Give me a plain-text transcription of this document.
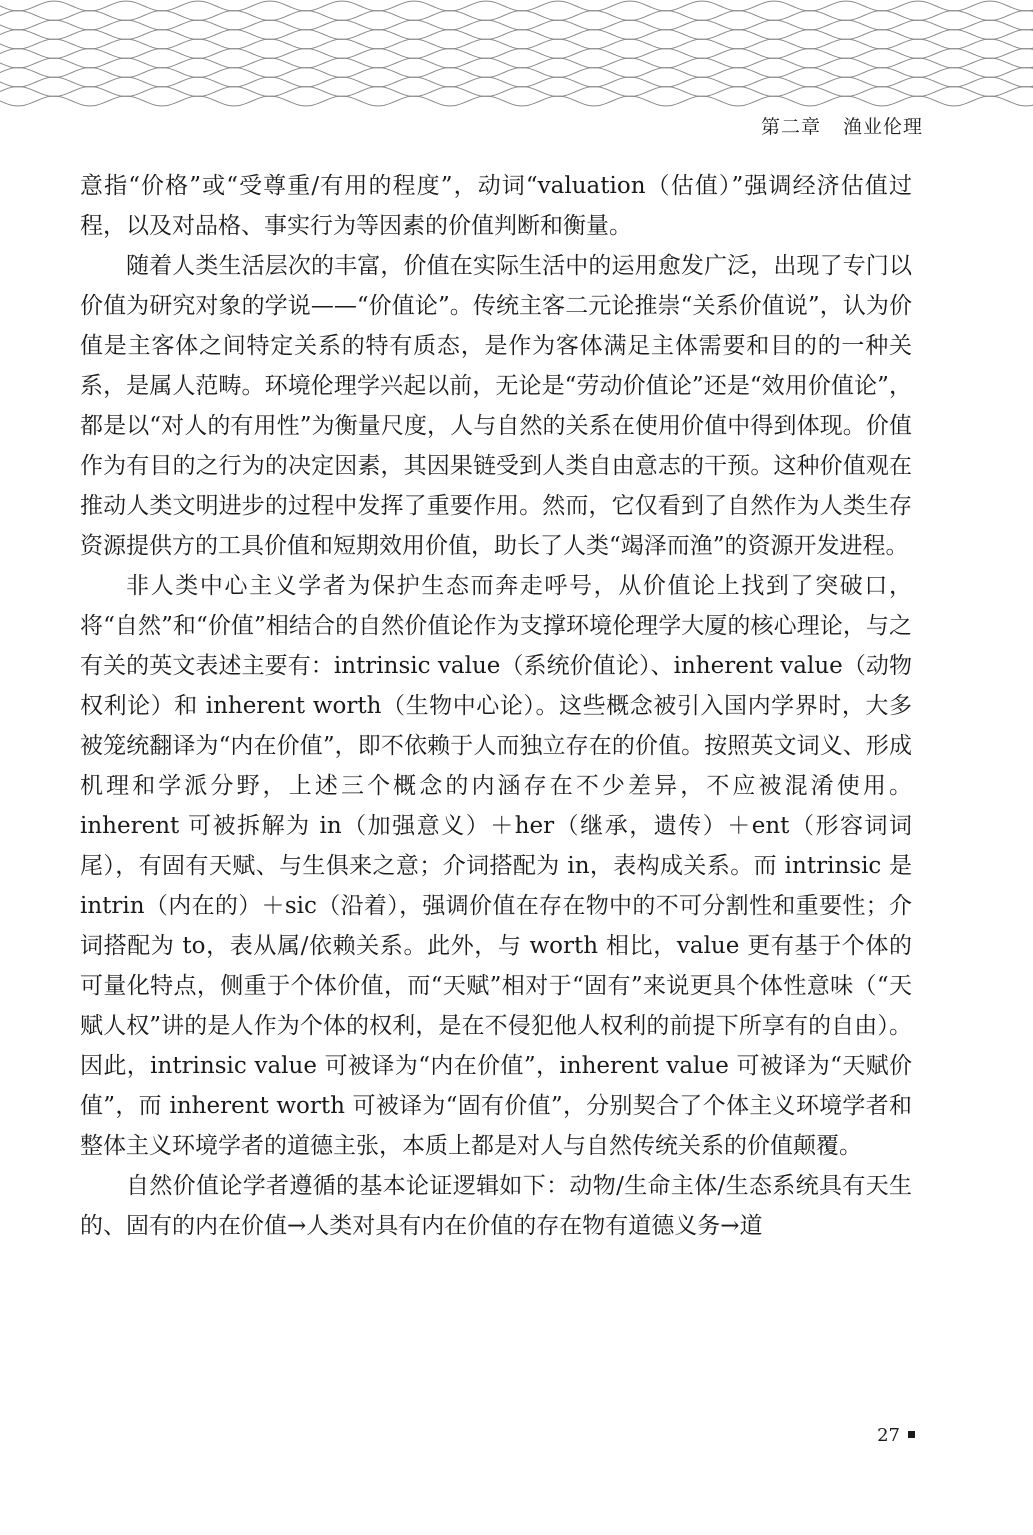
第二章 渔业伦理

意指“价格”或“受尊重/有用的程度”，动词“valuation（估值）”强调经济估值过程，以及对品格、事实行为等因素的价值判断和衡量。

随着人类生活层次的丰富，价值在实际生活中的运用愈发广泛，出现了专门以价值为研究对象的学说——“价值论”。传统主客二元论推崇“关系价值说”，认为价值是主客体之间特定关系的特有质态，是作为客体满足主体需要和目的的一种关系，是属人范畴。环境伦理学兴起以前，无论是“劳动价值论”还是“效用价值论”，都是以“对人的有用性”为衡量尺度，人与自然的关系在使用价值中得到体现。价值作为有目的之行为的决定因素，其因果链受到人类自由意志的干预。这种价值观在推动人类文明进步的过程中发挥了重要作用。然而，它仅看到了自然作为人类生存资源提供方的工具价值和短期效用价值，助长了人类“竭泽而渔”的资源开发进程。

非人类中心主义学者为保护生态而奔走呼号，从价值论上找到了突破口，将“自然”和“价值”相结合的自然价值论作为支撑环境伦理学大厦的核心理论，与之有关的英文表述主要有：intrinsic value（系统价值论）、inherent value（动物权利论）和 inherent worth（生物中心论）。这些概念被引入国内学界时，大多被笼统翻译为“内在价值”，即不依赖于人而独立存在的价值。按照英文词义、形成机理和学派分野，上述三个概念的内涵存在不少差异，不应被混淆使用。inherent 可被拆解为 in（加强意义）＋her（继承，遗传）＋ent（形容词词尾），有固有天赋、与生俱来之意；介词搭配为 in，表构成关系。而 intrinsic 是 intrin（内在的）＋sic（沿着），强调价值在存在物中的不可分割性和重要性；介词搭配为 to，表从属/依赖关系。此外，与 worth 相比，value 更有基于个体的可量化特点，侧重于个体价值，而“天赋”相对于“固有”来说更具个体性意味（“天赋人权”讲的是人作为个体的权利，是在不侵犯他人权利的前提下所享有的自由）。因此，intrinsic value 可被译为“内在价值”，inherent value 可被译为“天赋价值”，而 inherent worth 可被译为“固有价值”，分别契合了个体主义环境学者和整体主义环境学者的道德主张，本质上都是对人与自然传统关系的价值颠覆。

自然价值论学者遵循的基本论证逻辑如下：动物/生命主体/生态系统具有天生的、固有的内在价值→人类对具有内在价值的存在物有道德义务→道

27
